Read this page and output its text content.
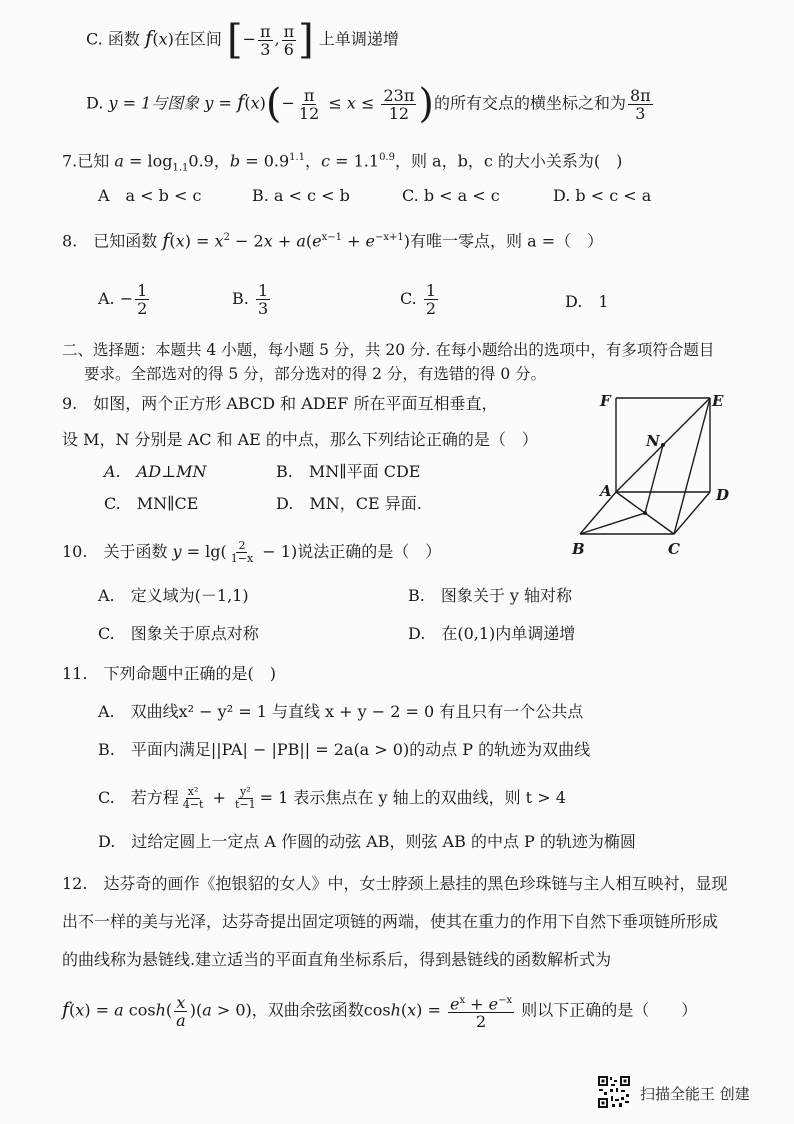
C. 函数 f(x)在区间 [− $\frac{\pi}{3}$ , $\frac{\pi}{6}$ ] 上单调递增
D. y = 1与图象 $y = f(x)(- \frac{\pi}{12} \le x \le \frac{23\pi}{12}$ )的所有交点的横坐标之和为 $\frac{8\pi}{3}$
7.已知 $a = \log_{1.1}0.9$，$b = 0.9^{1.1}$，$c = 1.1^{0.9}$，则 a，b，c 的大小关系为(　)
A　a < b < c	B. a < c < b	C. b < a < c	D. b < c < a
8.　已知函数 $f(x) = x^2 - 2x + a(e^{x-1} + e^{-x+1})$有唯一零点，则 a =（　）
A. − $\frac{1}{2}$	B. $\frac{1}{3}$	C. $\frac{1}{2}$	D.　1
二、选择题：本题共 4 小题，每小题 5 分，共 20 分. 在每小题给出的选项中，有多项符合题目
要求。全部选对的得 5 分，部分选对的得 2 分，有选错的得 0 分。
9.　如图，两个正方形 ABCD 和 ADEF 所在平面互相垂直，
设 M，N 分别是 AC 和 AE 的中点，那么下列结论正确的是（　）
A.　AD⊥MN	B.　MN∥平面 CDE
C.　MN∥CE	D.　MN，CE 异面.
F	E
N
A	D
B	C
10.　关于函数 $y = \lg( \frac{2}{1-x} - 1)$说法正确的是（　）
A.　定义域为(－1,1)	B.　图象关于 y 轴对称
C.　图象关于原点对称	D.　在(0,1)内单调递增
11.　下列命题中正确的是(　)
A.　双曲线x² − y² = 1 与直线 x + y − 2 = 0 有且只有一个公共点
B.　平面内满足||PA| − |PB|| = 2a(a > 0)的动点 P 的轨迹为双曲线
C.　若方程 $\frac{\text{x²}}{4-t} + \frac{\text{y²}}{t-1} = 1$ 表示焦点在 y 轴上的双曲线，则 t > 4
D.　过给定圆上一定点 A 作圆的动弦 AB，则弦 AB 的中点 P 的轨迹为椭圆
12.　达芬奇的画作《抱银貂的女人》中，女士脖颈上悬挂的黑色珍珠链与主人相互映衬，显现
出不一样的美与光泽，达芬奇提出固定项链的两端，使其在重力的作用下自然下垂项链所形成
的曲线称为悬链线.建立适当的平面直角坐标系后，得到悬链线的函数解析式为
f(x) = a $\cosh( \frac{x}{a} )(a > 0)$，双曲余弦函数$\cosh(x) = \frac{e^x + e^{-x}}{2}$ 则以下正确的是（　　）
扫描全能王 创建
